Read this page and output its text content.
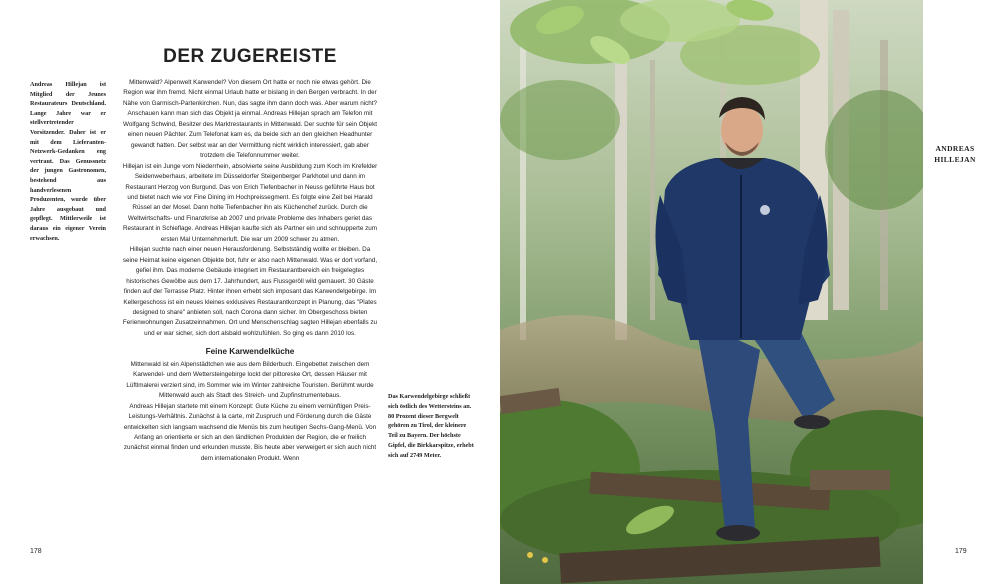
DER ZUGEREISTE

Andreas Hillejan ist Mitglied der Jeunes Restaurateurs Deutschland. Lange Jahre war er stellvertretender Vorsitzender. Daher ist er mit dem Lieferanten-Netzwerk-Gedanken eng vertraut. Das Genussnetz der jungen Gastronomen, bestehend aus handverlesenen Produzenten, wurde über Jahre ausgebaut und gepflegt. Mittlerweile ist daraus ein eigener Verein erwachsen.

Mittenwald? Alpenwelt Karwendel? Von diesem Ort hatte er noch nie etwas gehört. Die Region war ihm fremd. Nicht einmal Urlaub hatte er bislang in den Bergen verbracht. In der Nähe von Garmisch-Partenkirchen. Nun, das sagte ihm dann doch was. Aber warum nicht? Anschauen kann man sich das Objekt ja einmal. Andreas Hillejan sprach am Telefon mit Wolfgang Schwind, Besitzer des Marktrestaurants in Mittenwald. Der suchte für sein Objekt einen neuen Pächter. Zum Telefonat kam es, da beide sich an den gleichen Headhunter gewandt hatten. Der selbst war an der Vermittlung nicht wirklich interessiert, gab aber trotzdem die Telefonnummer weiter.

Hillejan ist ein Junge vom Niederrhein, absolvierte seine Ausbildung zum Koch im Krefelder Seidenweberhaus, arbeitete im Düsseldorfer Steigenberger Parkhotel und dann im Restaurant Herzog von Burgund. Das von Erich Tiefenbacher in Neuss geführte Haus bot und bietet nach wie vor Fine Dining im Hochpreissegment. Es folgte eine Zeit bei Harald Rüssel an der Mosel. Dann holte Tiefenbacher ihn als Küchenchef zurück. Durch die Weltwirtschafts- und Finanzkrise ab 2007 und private Probleme des Inhabers geriet das Restaurant in Schieflage. Andreas Hillejan kaufte sich als Partner ein und schnupperte zum ersten Mal Unternehmerluft. Die war um 2009 schwer zu atmen.

Hillejan suchte nach einer neuen Herausforderung. Selbstständig wollte er bleiben. Da seine Heimat keine eigenen Objekte bot, fuhr er also nach Mittenwald. Was er dort vorfand, gefiel ihm. Das moderne Gebäude integriert im Restaurantbereich ein freigelegtes historisches Gewölbe aus dem 17. Jahrhundert, aus Flussgeröll wild gemauert. 30 Gäste finden auf der Terrasse Platz. Hinter ihnen erhebt sich imposant das Karwendelgebirge. Im Kellergeschoss ist ein neues kleines exklusives Restaurantkonzept in Planung, das "Plates designed to share" anbieten soll, nach Corona dann sicher. Im Obergeschoss bieten Ferienwohnungen Zusatzeinnahmen. Ort und Menschenschlag sagten Hillejan ebenfalls zu und er war sicher, sich dort alsbald wohlzufühlen. So ging es dann 2010 los.

Feine Karwendelküche

Mittenwald ist ein Alpenstädtchen wie aus dem Bilderbuch. Eingebettet zwischen dem Karwendel- und dem Wettersteingebirge lockt der pittoreske Ort, dessen Häuser mit Lüftlmalerei verziert sind, im Sommer wie im Winter zahlreiche Touristen. Berühmt wurde Mittenwald auch als Stadt des Streich- und Zupfinstrumentebaus.

Andreas Hillejan startete mit einem Konzept: Gute Küche zu einem vernünftigen Preis-Leistungs-Verhältnis. Zunächst à la carte, mit Zuspruch und Förderung durch die Gäste entwickelten sich langsam wachsend die Menüs bis zum heutigen Sechs-Gang-Menü. Von Anfang an orientierte er sich an den ländlichen Produkten der Region, die er freilich zunächst einmal finden und erkunden musste. Bis heute aber verweigert er sich auch nicht dem internationalen Produkt. Wenn

Das Karwendelgebirge schließt sich östlich des Wettersteins an. 80 Prozent dieser Bergwelt gehören zu Tirol, der kleinere Teil zu Bayern. Der höchste Gipfel, die Birkkarspitze, erhebt sich auf 2749 Meter.

178
ANDREAS HILLEJAN
179
